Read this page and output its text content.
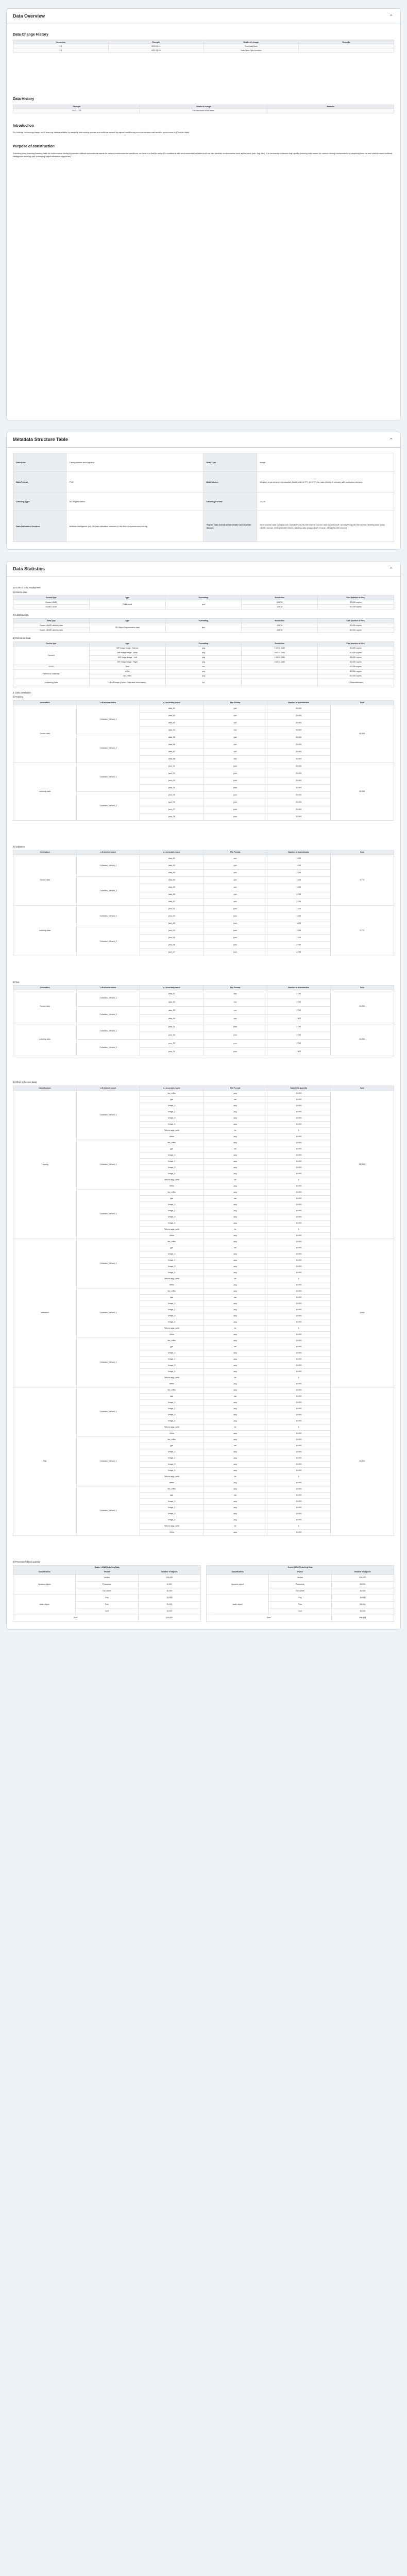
Data Overview	⌃
Data Change History
Ver.version	Strength	Details of change	Remarks
1.1	2023-11-11	Final data fixed	
1.1	2023-11-16	Data Spec Open-revision	
Data History
Strength	Details of change	Remarks
2023-11-11	Full disclosure of all tables	
Introduction

So, training technology based on AI learning data is reliable by naturally intersecting scenes and outlines caused by signal conditioning even in various road weather environments (Provide data).

Purpose of construction

Enriching deep learning-learning data for autonomous driving is provided without accurate standards for various environmental conditions, so there is a limit to using it in conditions with environmental variables such as bad weather environments such as fine dust (rain, fog, etc.). It is necessary to ensure high-quality learning data based on various driving environments by acquiring data for real vehicle-based artificial intelligence learning and optimizing object extraction algorithms.

Metadata Structure Table	⌃
Data Area	Transportation and logistics	Data Type	Image
Data Format	PCD	Data Source	Weather environment reproduction facility with (CTF), (In CTF) for road driving of vehicles with collection devices
Labeling Type	3D Segmentation	Labeling Format	JSON
Data Utilization Services	Artificial intelligence (ex) 3D data utilization services in the field of autonomous driving	Year of Data Construction / Data Construction Volume	2023 (source data (raws LiDAR, format(PCD)) 50,000 sheets, source data (raws LiDAR, format(PCD)) 50,000 sheets, labeling data (raws LiDAR, format: JSON) 50,000 sheets, labeling data (raws LiDAR, format: JSON) 50,000 sheets)
Data Statistics	⌃
1) Scale of Data Deployment
1) Source data
Sensor type	type	Formatting	Resolution	Size (number of files)
Ouster LiDAR	Point cloud	pcd	128CH	50,000 copies
Ouster LiDAR			128CH	50,000 copies
2) Labeling data
Data Type	type	Formatting	Resolution	Size (number of files)
Ouster LiDAR Labeling data	3D Object Segmentation data	json	128CH	50,000 copies
Ouster LiDAR Labeling data			128CH	50,000 copies
3) Reference Data
Device type	type	Formatting	Resolution	Size (number of files)
Camera	IMP image image - Narrow	png	1920 X 1080	60,000 copies
	IMP image image - Wide	png	1920 X 1080	60,000 copies
	IMP image image - Left	png	1920 X 1080	60,000 copies
	IMP image image - Right	png	1920 X 1080	60,000 copies
GNSS	Time	csv		60,000 copies
Reference materials	reflex	png		60,000 copies
	rep_reflex	png		60,000 copies
Unlabeling data	LiDAR image (Ouster Calibration Information)	txt		7 Files/calibration
2. Data Distribution
1) Training
Orientation	a first order name	a_secondary name	File Format	Number of submissions	Sum
Source data	Collection_Vehicle_1	data_01	pcd	20,000	80,928
		data_02	pcd	20,000	
		data_03	pcd	20,000	
		data_04	pcd	20,000	
	Collection_Vehicle_2	data_05	pcd	20,000	
		data_06	pcd	20,000	
		data_07	pcd	20,000	
		data_08	pcd	20,000	
Labeling data	Collection_Vehicle_1	json_01	json	20,000	80,928
		json_02	json	20,000	
		json_03	json	20,000	
		json_04	json	20,000	
	Collection_Vehicle_2	json_05	json	20,000	
		json_06	json	20,000	
		json_07	json	20,000	
		json_08	json	20,000	
2) Validation
Orientation	a first order name	a_secondary name	File Format	Number of submissions	Sum
Source data	Collection_Vehicle_1	data_01	pcd	1,190	9,772
		data_02	pcd	1,190	
		data_03	pcd	1,190	
	Collection_Vehicle_2	data_04	pcd	1,190	
		data_05	pcd	1,190	
		data_06	pcd	2,790	
		data_07	pcd	2,790	
Labeling data	Collection_Vehicle_1	json_01	json	1,190	9,772
		json_02	json	1,190	
		json_03	json	1,190	
	Collection_Vehicle_2	json_04	json	1,190	
		json_05	json	1,190	
		json_06	json	2,790	
		json_07	json	2,790	
3) Test
Orientation	a first order name	a_secondary name	File Format	Number of submissions	Sum
Source data	Collection_Vehicle_1	data_01	pcd	2,790	10,000
		data_02	pcd	2,790	
	Collection_Vehicle_2	data_03	pcd	2,790	
		data_04	pcd	1,630	
Labeling data	Collection_Vehicle_1	json_01	json	2,790	10,000
		json_02	json	2,790	
	Collection_Vehicle_2	json_03	json	2,790	
		json_04	json	1,630	
4) Other (reference data)
Classification	a first order name	a_secondary name	File Format	Submitted quantity	Sum
Training	Collection_Vehicle_1	ibo_reflex	png	10,000	80,391
		gps	csv	10,000	
		Image_1	png	10,000	
		Image_2	png	10,000	
		Image_3	png	10,000	
		Image_4	png	10,000	
		Vibe-in-tapp_calib	txt	1	
		reflex	png	10,000	
	Collection_Vehicle_1	ibo_reflex	png	10,000	
		gps	csv	10,000	
		Image_1	png	10,000	
		Image_2	png	10,000	
		Image_3	png	10,000	
		Image_4	png	10,000	
		Vibe-in-tapp_calib	txt	1	
		reflex	png	10,000	
	Collection_Vehicle_1	ibo_reflex	png	10,000	
		gps	csv	10,000	
		Image_1	png	10,000	
		Image_2	png	10,000	
		Image_3	png	10,000	
		Image_4	png	10,000	
		Vibe-in-tapp_calib	txt	1	
		reflex	png	10,000	
Validation	Collection_Vehicle_1	ibo_reflex	png	10,000	9,869
		gps	csv	10,000	
		Image_1	png	10,000	
		Image_2	png	10,000	
		Image_3	png	10,000	
		Image_4	png	10,000	
		Vibe-in-tapp_calib	txt	1	
		reflex	png	10,000	
	Collection_Vehicle_1	ibo_reflex	png	10,000	
		gps	csv	10,000	
		Image_1	png	10,000	
		Image_2	png	10,000	
		Image_3	png	10,000	
		Image_4	png	10,000	
		Vibe-in-tapp_calib	txt	1	
		reflex	png	10,000	
	Collection_Vehicle_1	ibo_reflex	png	10,000	
		gps	csv	10,000	
		Image_1	png	10,000	
		Image_2	png	10,000	
		Image_3	png	10,000	
		Image_4	png	10,000	
		Vibe-in-tapp_calib	txt	1	
		reflex	png	10,000	
Test	Collection_Vehicle_1	ibo_reflex	png	10,000	10,320
		gps	csv	10,000	
		Image_1	png	10,000	
		Image_2	png	10,000	
		Image_3	png	10,000	
		Image_4	png	10,000	
		Vibe-in-tapp_calib	txt	1	
		reflex	png	10,000	
	Collection_Vehicle_1	ibo_reflex	png	10,000	
		gps	csv	10,000	
		Image_1	png	10,000	
		Image_2	png	10,000	
		Image_3	png	10,000	
		Image_4	png	10,000	
		Vibe-in-tapp_calib	txt	1	
		reflex	png	10,000	
	Collection_Vehicle_1	ibo_reflex	png	10,000	
		gps	csv	10,000	
		Image_1	png	10,000	
		Image_2	png	10,000	
		Image_3	png	10,000	
		Image_4	png	10,000	
		Vibe-in-tapp_calib	txt	1	
		reflex	png	10,000	
5) Processed object quantity
Ouster LiDAR Labeling Data		
Classification	Parcel	Number of objects
dynamic object	Vehicle	325,000
	Pedestrian	12,000
	Two-wheel	35,000
static object	Poy	15,000
	Pole	15,000
	Curb	16,000
Sum		425,000
Ouster LiDAR Labeling Data		
Classification	Parcel	Number of objects
dynamic object	Vehicle	325,000
	Pedestrian	11,000
	Two-wheel	35,000
static object	Poy	15,000
	Pole	14,000
	Curb	16,000
Sum		396,474
